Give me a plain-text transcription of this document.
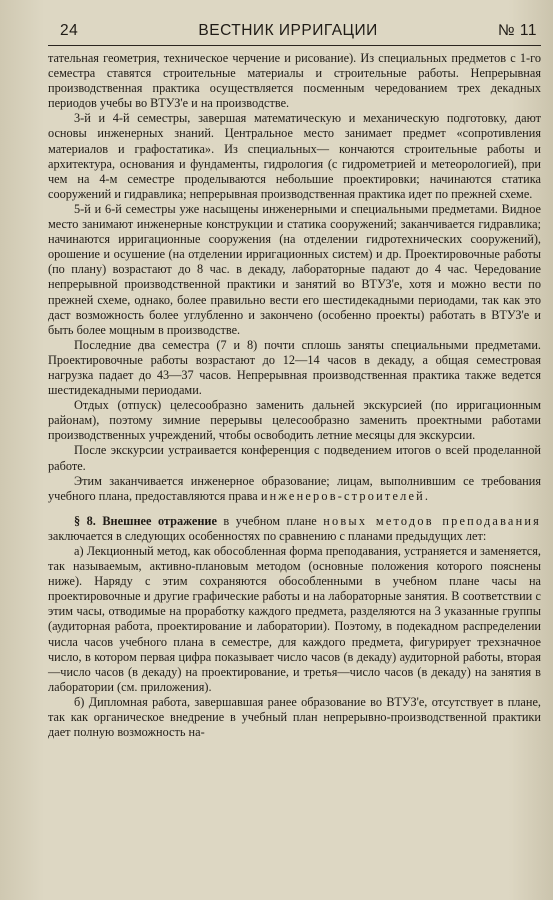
24	ВЕСТНИК ИРРИГАЦИИ	№ 11

тательная геометрия, техническое черчение и рисование). Из специальных предметов с 1-го семестра ставятся строительные материалы и строительные работы. Непрерывная производственная практика осуществляется посменным чередованием трех декадных периодов учебы во ВТУЗ'е и на производстве.

3-й и 4-й семестры, завершая математическую и механическую подготовку, дают основы инженерных знаний. Центральное место занимает предмет «сопротивления материалов и графостатика». Из специальных— кончаются строительные работы и архитектура, основания и фундаменты, гидрология (с гидрометрией и метеорологией), при чем на 4-м семестре проделываются небольшие проектировки; начинаются статика сооружений и гидравлика; непрерывная производственная практика идет по прежней схеме.

5-й и 6-й семестры уже насыщены инженерными и специальными предметами. Видное место занимают инженерные конструкции и статика сооружений; заканчивается гидравлика; начинаются ирригационные сооружения (на отделении гидротехнических сооружений), орошение и осушение (на отделении ирригационных систем) и др. Проектировочные работы (по плану) возрастают до 8 час. в декаду, лабораторные падают до 4 час. Чередование непрерывной производственной практики и занятий во ВТУЗ'е, хотя и можно вести по прежней схеме, однако, более правильно вести его шестидекадными периодами, так как это даст возможность более углубленно и закончено (особенно проекты) работать в ВТУЗ'е и быть более мощным в производстве.

Последние два семестра (7 и 8) почти сплошь заняты специальными предметами. Проектировочные работы возрастают до 12—14 часов в декаду, а общая семестровая нагрузка падает до 43—37 часов. Непрерывная производственная практика также ведется шестидекадными периодами.

Отдых (отпуск) целесообразно заменить дальней экскурсией (по ирригационным районам), поэтому зимние перерывы целесообразно заменить проектными работами производственных учреждений, чтобы освободить летние месяцы для экскурсии.

После экскурсии устраивается конференция с подведением итогов о всей проделанной работе.

Этим заканчивается инженерное образование; лицам, выполнившим се требования учебного плана, предоставляются права инженеров-строителей.

§ 8. Внешнее отражение в учебном плане новых методов преподавания заключается в следующих особенностях по сравнению с планами предыдущих лет:

а) Лекционный метод, как обособленная форма преподавания, устраняется и заменяется, так называемым, активно-плановым методом (основные положения которого пояснены ниже). Наряду с этим сохраняются обособленными в учебном плане часы на проектировочные и другие графические работы и на лабораторные занятия. В соответствии с этим часы, отводимые на проработку каждого предмета, разделяются на 3 указанные группы (аудиторная работа, проектирование и лаборатории). Поэтому, в подекадном распределении числа часов учебного плана в семестре, для каждого предмета, фигурирует трехзначное число, в котором первая цифра показывает число часов (в декаду) аудиторной работы, вторая—число часов (в декаду) на проектирование, и третья—число часов (в декаду) на занятия в лаборатории (см. приложения).

б) Дипломная работа, завершавшая ранее образование во ВТУЗ'е, отсутствует в плане, так как органическое внедрение в учебный план непрерывно-производственной практики дает полную возможность на-
